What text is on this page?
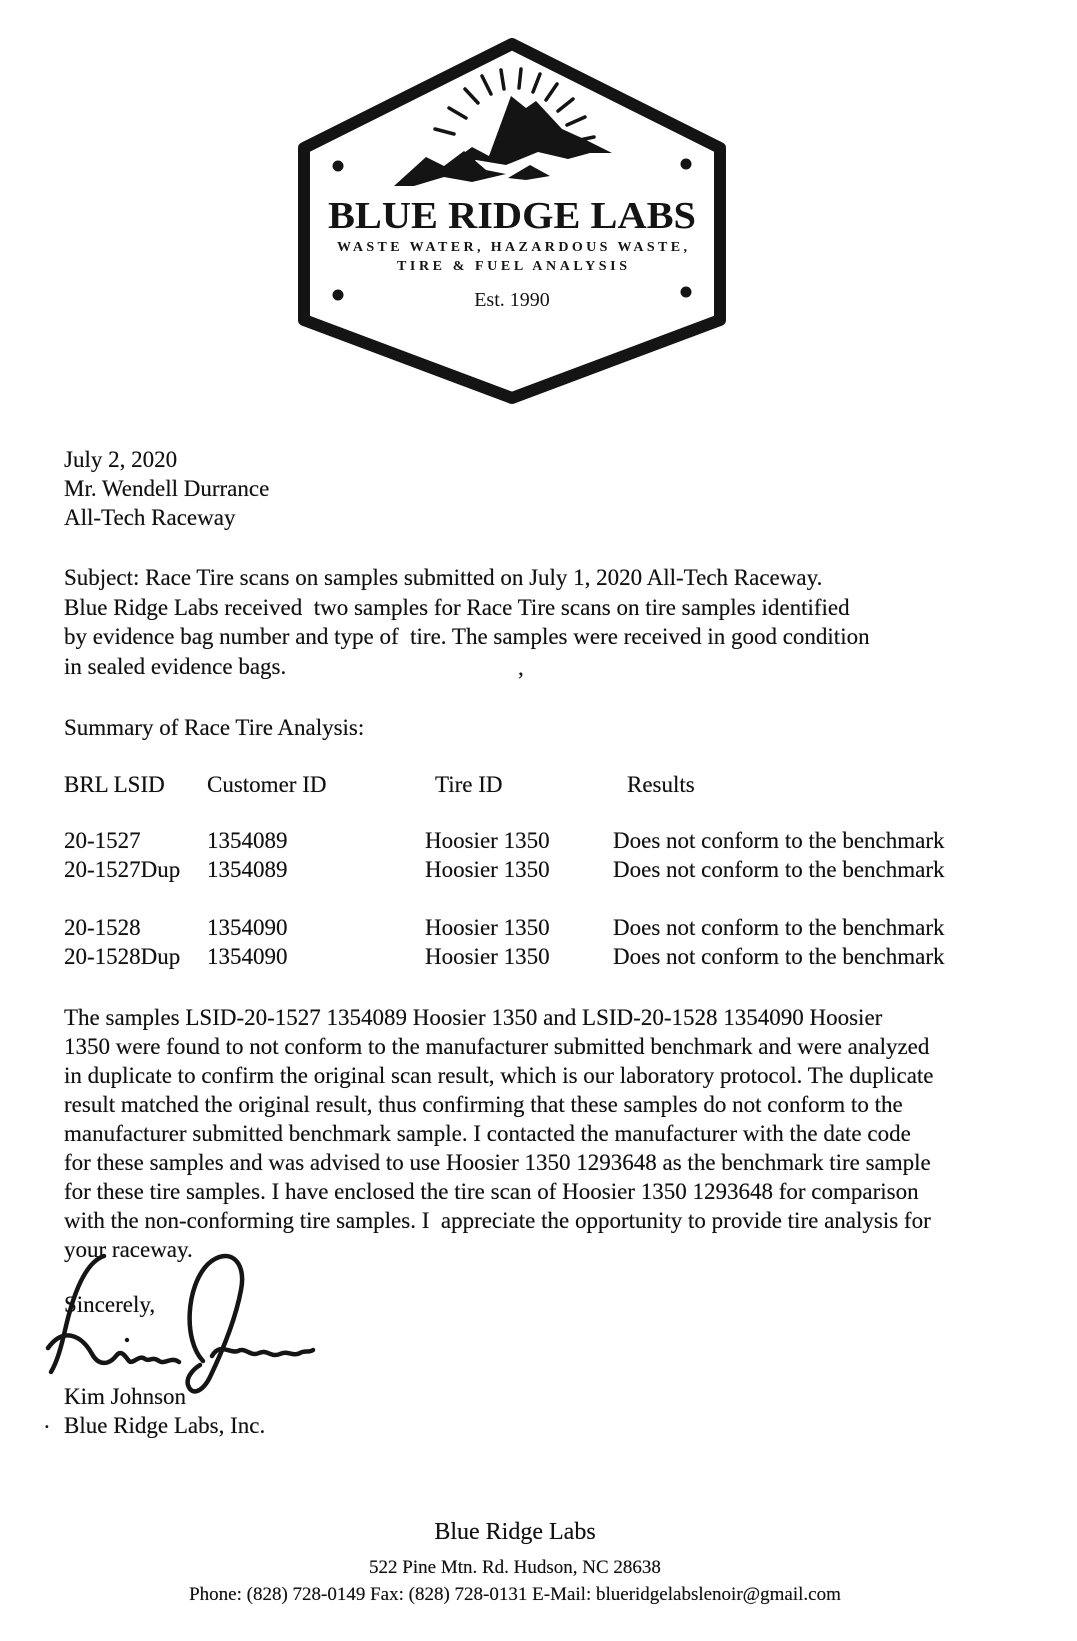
BLUE RIDGE LABS
WASTE WATER, HAZARDOUS WASTE,
TIRE & FUEL ANALYSIS
Est. 1990
July 2, 2020
Mr. Wendell Durrance
All-Tech Raceway
Subject: Race Tire scans on samples submitted on July 1, 2020 All-Tech Raceway.
Blue Ridge Labs received  two samples for Race Tire scans on tire samples identified
by evidence bag number and type of  tire. The samples were received in good condition
in sealed evidence bags.	,
Summary of Race Tire Analysis:
BRL LSID	Customer ID	Tire ID	Results

20-1527	1354089	Hoosier 1350	Does not conform to the benchmark
20-1527Dup	1354089	Hoosier 1350	Does not conform to the benchmark

20-1528	1354090	Hoosier 1350	Does not conform to the benchmark
20-1528Dup	1354090	Hoosier 1350	Does not conform to the benchmark
The samples LSID-20-1527 1354089 Hoosier 1350 and LSID-20-1528 1354090 Hoosier
1350 were found to not conform to the manufacturer submitted benchmark and were analyzed
in duplicate to confirm the original scan result, which is our laboratory protocol. The duplicate
result matched the original result, thus confirming that these samples do not conform to the
manufacturer submitted benchmark sample. I contacted the manufacturer with the date code
for these samples and was advised to use Hoosier 1350 1293648 as the benchmark tire sample
for these tire samples. I have enclosed the tire scan of Hoosier 1350 1293648 for comparison
with the non-conforming tire samples. I  appreciate the opportunity to provide tire analysis for
your raceway.
Sincerely,
Kim Johnson
Blue Ridge Labs, Inc.
.
Blue Ridge Labs
522 Pine Mtn. Rd. Hudson, NC 28638
Phone: (828) 728-0149 Fax: (828) 728-0131 E-Mail: blueridgelabslenoir@gmail.com
